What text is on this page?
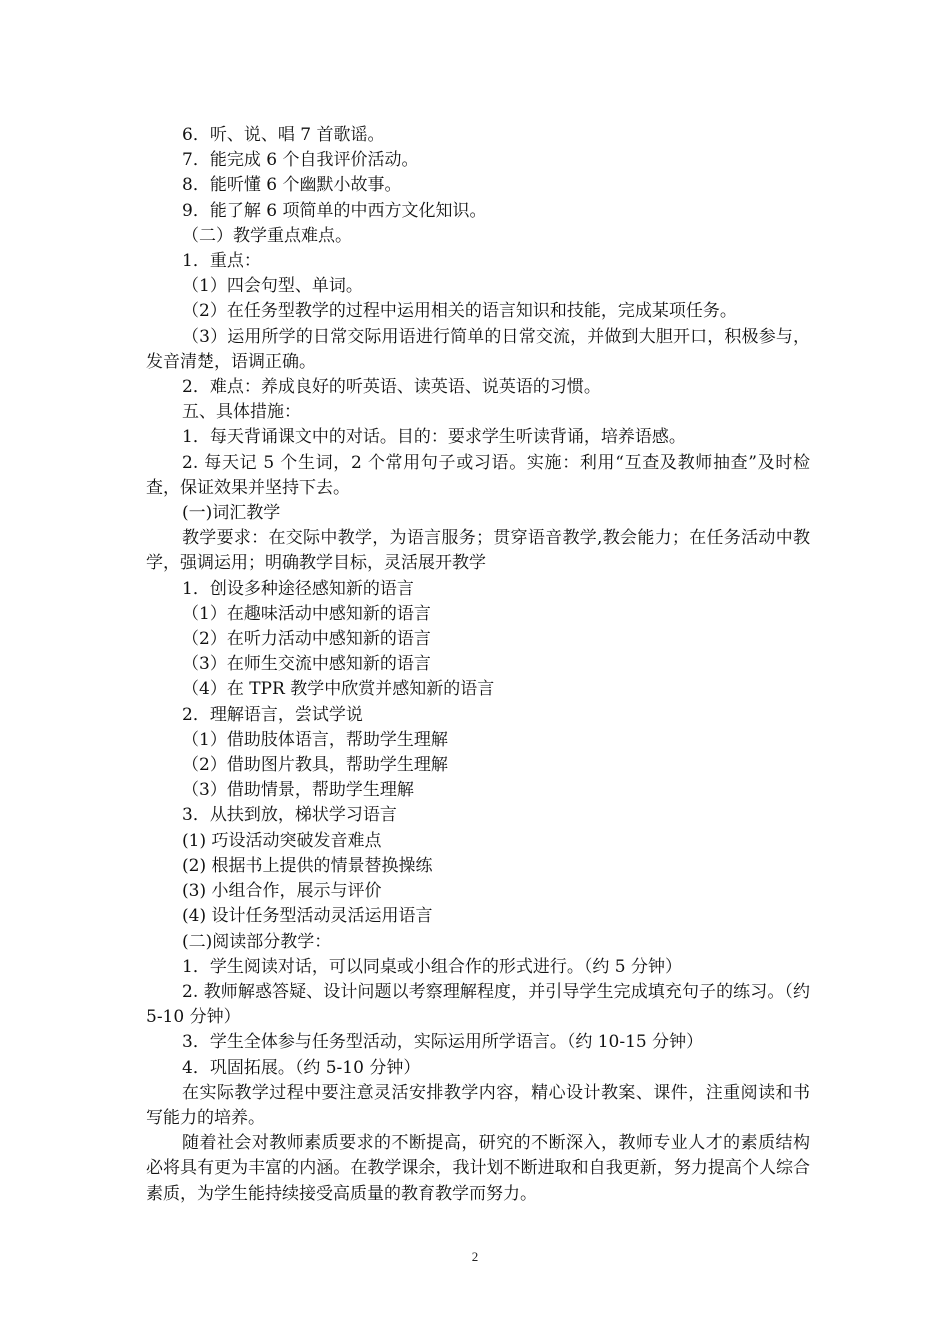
6．听、说、唱 7 首歌谣。

7．能完成 6 个自我评价活动。

8．能听懂 6 个幽默小故事。

9．能了解 6 项简单的中西方文化知识。

（二）教学重点难点。

1．重点：

（1）四会句型、单词。

（2）在任务型教学的过程中运用相关的语言知识和技能，完成某项任务。

（3）运用所学的日常交际用语进行简单的日常交流，并做到大胆开口，积极参与，发音清楚，语调正确。

2．难点：养成良好的听英语、读英语、说英语的习惯。

五、具体措施：

1．每天背诵课文中的对话。目的：要求学生听读背诵，培养语感。

2. 每天记 5 个生词，2 个常用句子或习语。实施：利用“互查及教师抽查”及时检查，保证效果并坚持下去。

(一)词汇教学

教学要求：在交际中教学，为语言服务；贯穿语音教学,教会能力；在任务活动中教学，强调运用；明确教学目标，灵活展开教学

1．创设多种途径感知新的语言

（1）在趣味活动中感知新的语言

（2）在听力活动中感知新的语言

（3）在师生交流中感知新的语言

（4）在 TPR 教学中欣赏并感知新的语言

2．理解语言，尝试学说

（1）借助肢体语言，帮助学生理解

（2）借助图片教具，帮助学生理解

（3）借助情景，帮助学生理解

3．从扶到放，梯状学习语言

(1) 巧设活动突破发音难点

(2) 根据书上提供的情景替换操练

(3) 小组合作，展示与评价

(4) 设计任务型活动灵活运用语言

(二)阅读部分教学：

1．学生阅读对话，可以同桌或小组合作的形式进行。（约 5 分钟）

2. 教师解惑答疑、设计问题以考察理解程度，并引导学生完成填充句子的练习。（约 5-10 分钟）

3．学生全体参与任务型活动，实际运用所学语言。（约 10-15 分钟）

4．巩固拓展。（约 5-10 分钟）

在实际教学过程中要注意灵活安排教学内容，精心设计教案、课件，注重阅读和书写能力的培养。

随着社会对教师素质要求的不断提高，研究的不断深入，教师专业人才的素质结构必将具有更为丰富的内涵。在教学课余，我计划不断进取和自我更新，努力提高个人综合素质，为学生能持续接受高质量的教育教学而努力。

2
